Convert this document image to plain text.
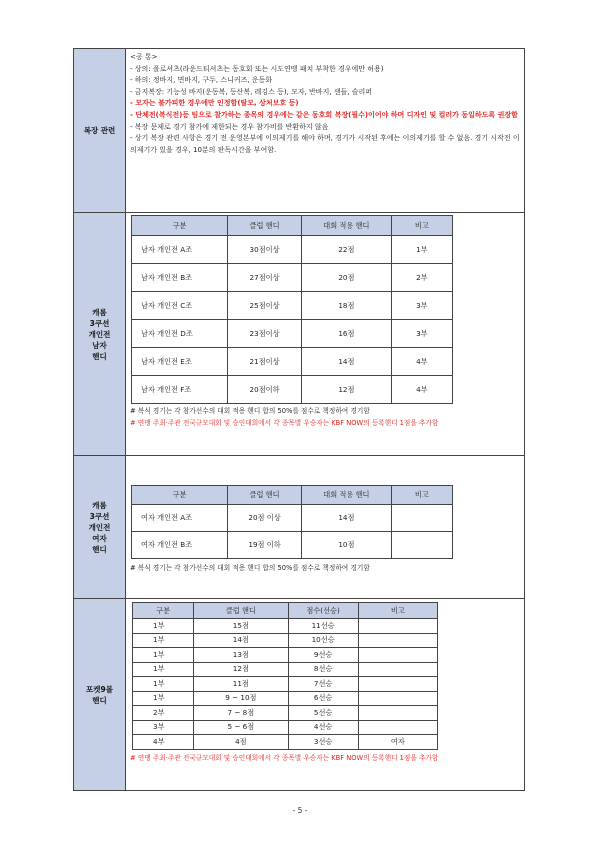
복장 관련	
<공 통>
- 상의: 폴로셔츠(라운드티셔츠는 동호회 또는 시도연맹 패치 부착한 경우에만 허용)
- 하의: 정바지, 면바지, 구두, 스니커즈, 운동화
- 금지복장: 기능성 바지(운동복, 등산복, 레깅스 등), 모자, 반바지, 샌들, 슬리퍼
- 모자는 불가피한 경우에만 인정함(탈모, 상처보호 등)
- 단체전(복식전)등 팀으로 참가하는 종목의 경우에는 같은 동호회 복장(필수)이어야 하며 디자인 및 컬러가 동일하도록 권장함
- 복장 문제로 경기 참가에 제한되는 경우 참가비를 반환하지 않음
- 상기 복장 관련 사항은 경기 전 운영본부에 이의제기를 해야 하며, 경기가 시작된 후에는 이의제기를 할 수 없음. 경기 시작전 이의제기가 있을 경우, 10분의 판독시간을 부여함.

캐롬 3쿠션 개인전 남자 핸디	
구분	클럽 핸디	대회 적용 핸디	비고
남자 개인전 A조	30점이상	22점	1부
남자 개인전 B조	27점이상	20점	2부
남자 개인전 C조	25점이상	18점	3부
남자 개인전 D조	23점이상	16점	3부
남자 개인전 E조	21점이상	14점	4부
남자 개인전 F조	20점이하	12점	4부
# 복식 경기는 각 참가선수의 대회 적용 핸디 합의 50%를 점수로 책정하여 경기함
# 연맹 주최·주관 전국규모대회 및 승인대회에서 각 종목별 우승자는 KBF NOW의 등록핸디 1점을 추가함

캐롬 3쿠션 개인전 여자 핸디	
구분	클럽 핸디	대회 적용 핸디	비고
여자 개인전 A조	20점 이상	14점	
여자 개인전 B조	19점 이하	10점	
# 복식 경기는 각 참가선수의 대회 적용 핸디 합의 50%를 점수로 책정하여 경기함

포켓9볼 핸디	
구분	클럽 핸디	점수(선승)	비고
1부	15점	11선승	
1부	14점	10선승	
1부	13점	9선승	
1부	12점	8선승	
1부	11점	7선승	
1부	9 ~ 10점	6선승	
2부	7 ~ 8점	5선승	
3부	5 ~ 6점	4선승	
4부	4점	3선승	여자
# 연맹 주최·주관 전국규모대회 및 승인대회에서 각 종목별 우승자는 KBF NOW의 등록핸디 1점을 추가함
- 5 -
